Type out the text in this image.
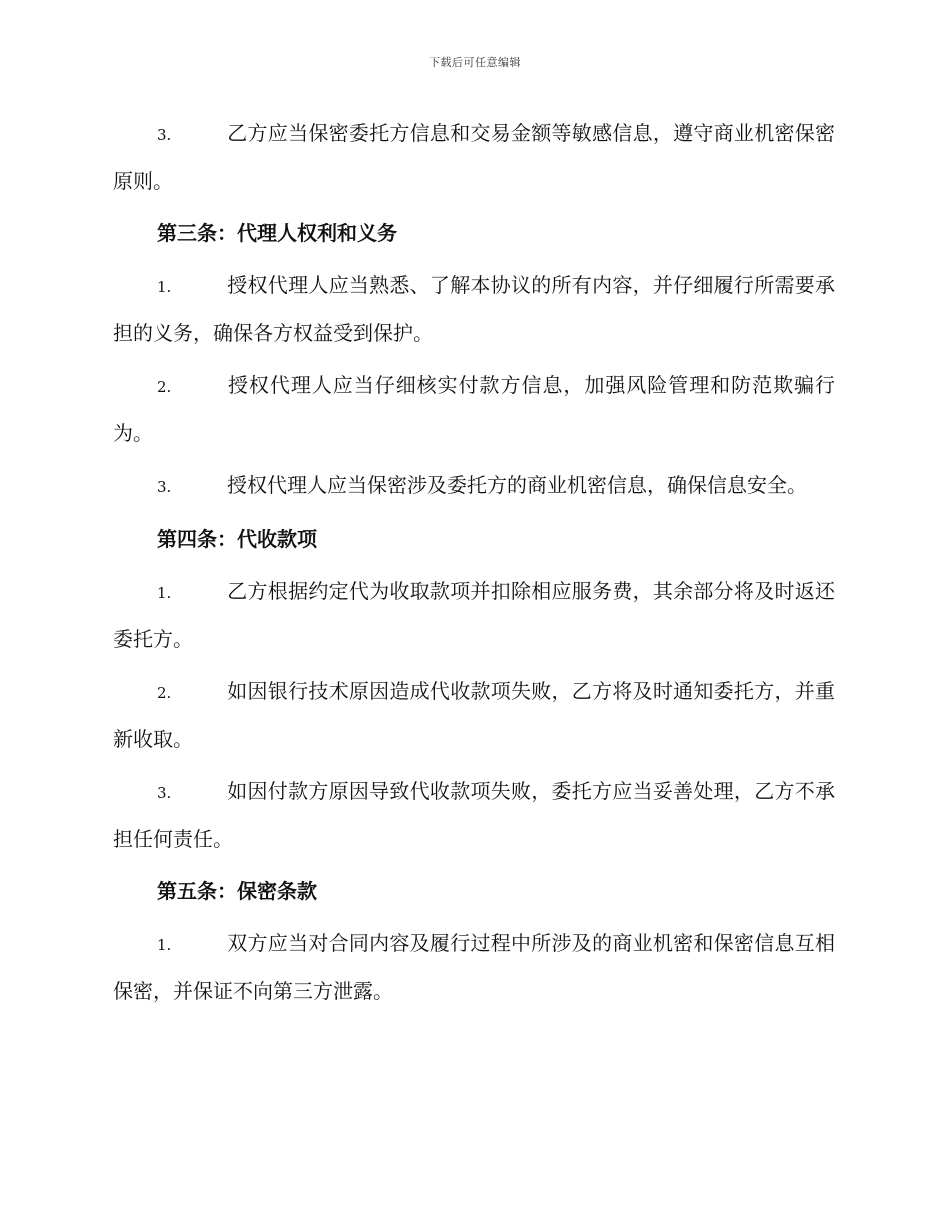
下载后可任意编辑

3.	乙方应当保密委托方信息和交易金额等敏感信息，遵守商业机密保密原则。

第三条：代理人权利和义务

1.	授权代理人应当熟悉、了解本协议的所有内容，并仔细履行所需要承担的义务，确保各方权益受到保护。

2.	授权代理人应当仔细核实付款方信息，加强风险管理和防范欺骗行为。

3.	授权代理人应当保密涉及委托方的商业机密信息，确保信息安全。

第四条：代收款项

1.	乙方根据约定代为收取款项并扣除相应服务费，其余部分将及时返还委托方。

2.	如因银行技术原因造成代收款项失败，乙方将及时通知委托方，并重新收取。

3.	如因付款方原因导致代收款项失败，委托方应当妥善处理，乙方不承担任何责任。

第五条：保密条款

1.	双方应当对合同内容及履行过程中所涉及的商业机密和保密信息互相保密，并保证不向第三方泄露。
